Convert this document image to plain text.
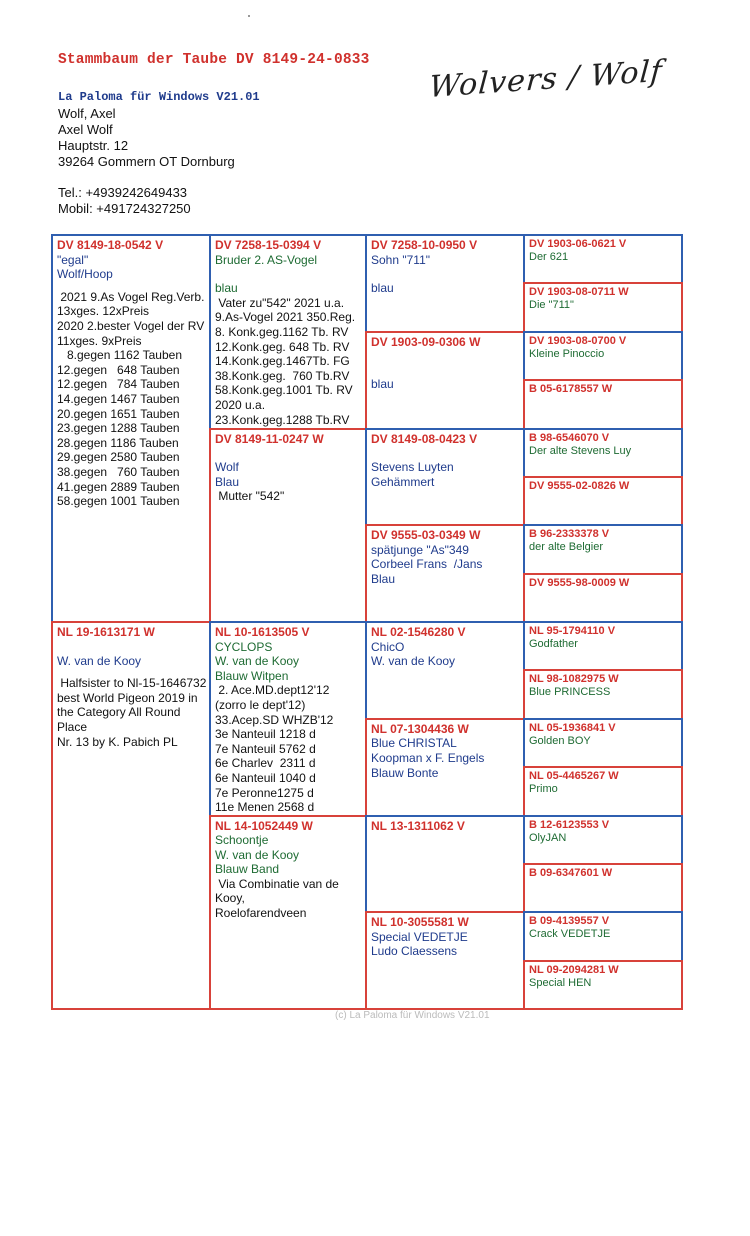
Stammbaum der Taube DV 8149-24-0833
La Paloma für Windows V21.01
Wolf, Axel
Axel Wolf
Hauptstr. 12
39264 Gommern OT Dornburg
Tel.: +4939242649433
Mobil: +491724327250
Wolvers / Wolf
DV 8149-18-0542 V
"egal"
Wolf/Hoop
2021 9.As Vogel Reg.Verb.
13xges. 12xPreis
2020 2.bester Vogel der RV
11xges. 9xPreis
8.gegen 1162 Tauben
12.gegen   648 Tauben
12.gegen   784 Tauben
14.gegen 1467 Tauben
20.gegen 1651 Tauben
23.gegen 1288 Tauben
28.gegen 1186 Tauben
29.gegen 2580 Tauben
38.gegen   760 Tauben
41.gegen 2889 Tauben
58.gegen 1001 Tauben
NL 19-1613171 W
W. van de Kooy
Halfsister to Nl-15-1646732
best World Pigeon 2019 in
the Category All Round
Place
Nr. 13 by K. Pabich PL
DV 7258-15-0394 V
Bruder 2. AS-Vogel
blau
Vater zu"542" 2021 u.a.
9.As-Vogel 2021 350.Reg.
8. Konk.geg.1162 Tb. RV
12.Konk.geg. 648 Tb. RV
14.Konk.geg.1467Tb. FG
38.Konk.geg.  760 Tb.RV
58.Konk.geg.1001 Tb. RV
2020 u.a.
23.Konk.geg.1288 Tb.RV
DV 8149-11-0247 W
Wolf
Blau
Mutter "542"
NL 10-1613505 V
CYCLOPS
W. van de Kooy
Blauw Witpen
2. Ace.MD.dept12'12
(zorro le dept'12)
33.Acep.SD WHZB'12
3e Nanteuil 1218 d
7e Nanteuil 5762 d
6e Charlev  2311 d
6e Nanteuil 1040 d
7e Peronne1275 d
11e Menen 2568 d
NL 14-1052449 W
Schoontje
W. van de Kooy
Blauw Band
Via Combinatie van de
Kooy,
Roelofarendveen
DV 7258-10-0950 V
Sohn "711"
blau
DV 1903-09-0306 W
blau
DV 8149-08-0423 V
Stevens Luyten
Gehämmert
DV 9555-03-0349 W
spätjunge "As"349
Corbeel Frans  /Jans
Blau
NL 02-1546280 V
ChicO
W. van de Kooy
NL 07-1304436 W
Blue CHRISTAL
Koopman x F. Engels
Blauw Bonte
NL 13-1311062 V
NL 10-3055581 W
Special VEDETJE
Ludo Claessens
DV 1903-06-0621 V
Der 621
DV 1903-08-0711 W
Die "711"
DV 1903-08-0700 V
Kleine Pinoccio
B 05-6178557 W
B 98-6546070 V
Der alte Stevens Luy
DV 9555-02-0826 W
B 96-2333378 V
der alte Belgier
DV 9555-98-0009 W
NL 95-1794110 V
Godfather
NL 98-1082975 W
Blue PRINCESS
NL 05-1936841 V
Golden BOY
NL 05-4465267 W
Primo
B 12-6123553 V
OlyJAN
B 09-6347601 W
B 09-4139557 V
Crack VEDETJE
NL 09-2094281 W
Special HEN
(c) La Paloma für Windows V21.01
